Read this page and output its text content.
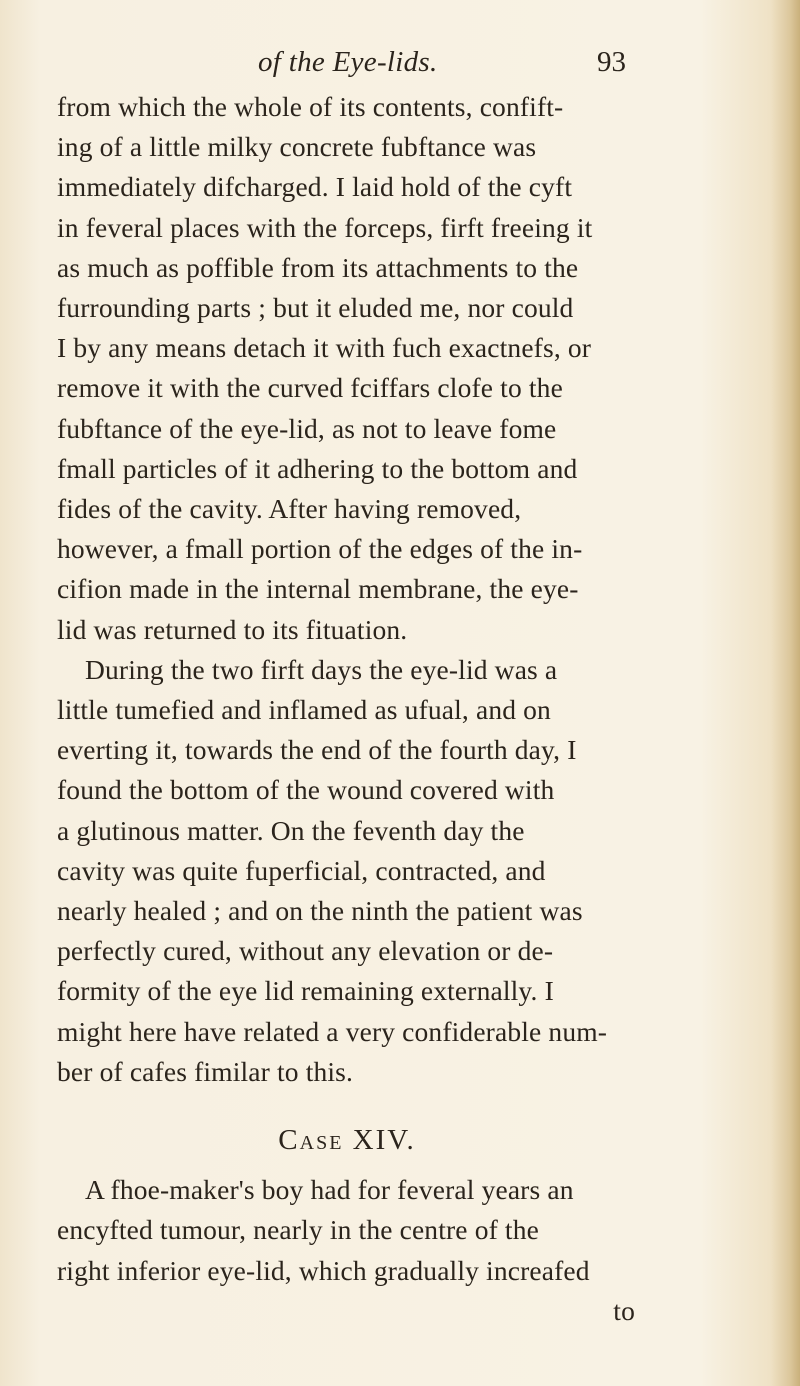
of the Eye-lids.	93
from which the whole of its contents, confift-
ing of a little milky concrete fubftance was
immediately difcharged. I laid hold of the cyft
in feveral places with the forceps, firft freeing it
as much as poffible from its attachments to the
furrounding parts ; but it eluded me, nor could
I by any means detach it with fuch exactnefs, or
remove it with the curved fciffars clofe to the
fubftance of the eye-lid, as not to leave fome
fmall particles of it adhering to the bottom and
fides of the cavity. After having removed,
however, a fmall portion of the edges of the in-
cifion made in the internal membrane, the eye-
lid was returned to its fituation.
During the two firft days the eye-lid was a
little tumefied and inflamed as ufual, and on
everting it, towards the end of the fourth day, I
found the bottom of the wound covered with
a glutinous matter. On the feventh day the
cavity was quite fuperficial, contracted, and
nearly healed ; and on the ninth the patient was
perfectly cured, without any elevation or de-
formity of the eye lid remaining externally. I
might here have related a very confiderable num-
ber of cafes fimilar to this.
Case XIV.
A fhoe-maker's boy had for feveral years an
encyfted tumour, nearly in the centre of the
right inferior eye-lid, which gradually increafed
to
